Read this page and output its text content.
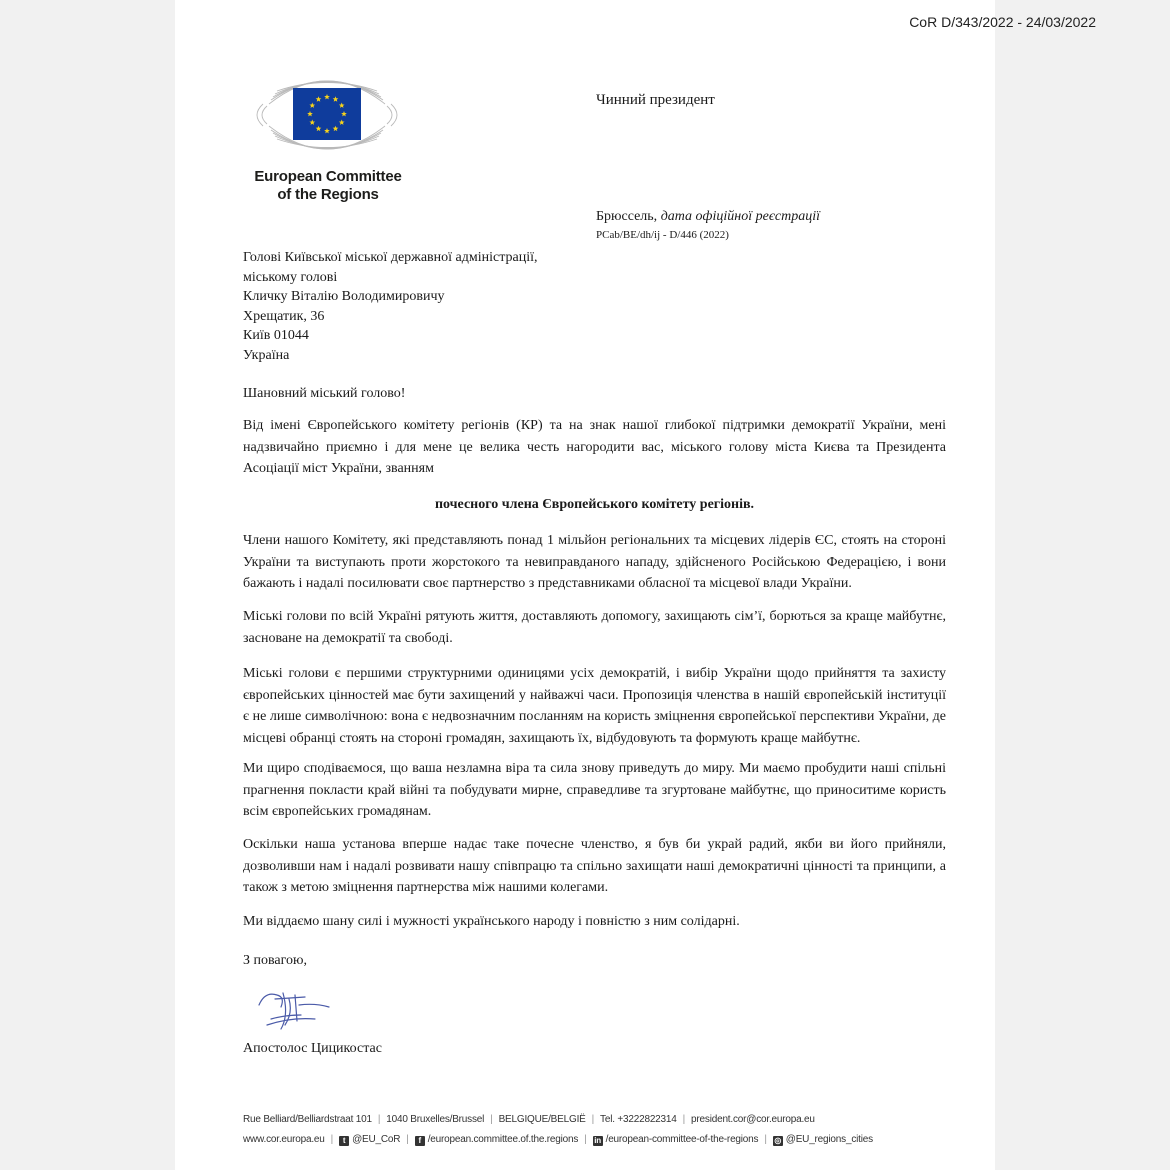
CoR D/343/2022 - 24/03/2022
European Committee
of the Regions
Чинний президент
Брюссель, дата офіційної реєстрації
PCab/BE/dh/ij - D/446 (2022)
Голові Київської міської державної адміністрації,
міському голові
Кличку Віталію Володимировичу
Хрещатик, 36
Київ 01044
Україна
Шановний міський голово!
Від імені Європейського комітету регіонів (КР) та на знак нашої глибокої підтримки демократії України, мені надзвичайно приємно і для мене це велика честь нагородити вас, міського голову міста Києва та Президента Асоціації міст України, званням
почесного члена Європейського комітету регіонів.
Члени нашого Комітету, які представляють понад 1 мільйон регіональних та місцевих лідерів ЄС, стоять на стороні України та виступають проти жорстокого та невиправданого нападу, здійсненого Російською Федерацією, і вони бажають і надалі посилювати своє партнерство з представниками обласної та місцевої влади України.
Міські голови по всій Україні рятують життя, доставляють допомогу, захищають сім’ї, борються за краще майбутнє, засноване на демократії та свободі.
Міські голови є першими структурними одиницями усіх демократій, і вибір України щодо прийняття та захисту європейських цінностей має бути захищений у найважчі часи. Пропозиція членства в нашій європейській інституції є не лише символічною: вона є недвозначним посланням на користь зміцнення європейської перспективи України, де місцеві обранці стоять на стороні громадян, захищають їх, відбудовують та формують краще майбутнє.
Ми щиро сподіваємося, що ваша незламна віра та сила знову приведуть до миру. Ми маємо пробудити наші спільні прагнення покласти край війні та побудувати мирне, справедливе та згуртоване майбутнє, що приноситиме користь всім європейських громадянам.
Оскільки наша установа вперше надає таке почесне членство, я був би украй радий, якби ви його прийняли, дозволивши нам і надалі розвивати нашу співпрацю та спільно захищати наші демократичні цінності та принципи, а також з метою зміцнення партнерства між нашими колегами.
Ми віддаємо шану силі і мужності українського народу і повністю з ним солідарні.
З повагою,
Апостолос Цицикостас
Rue Belliard/Belliardstraat 101 | 1040 Bruxelles/Brussel | BELGIQUE/BELGIË | Tel. +3222822314 | president.cor@cor.europa.eu
www.cor.europa.eu | t @EU_CoR | f /european.committee.of.the.regions | in /european-committee-of-the-regions | ◎ @EU_regions_cities
